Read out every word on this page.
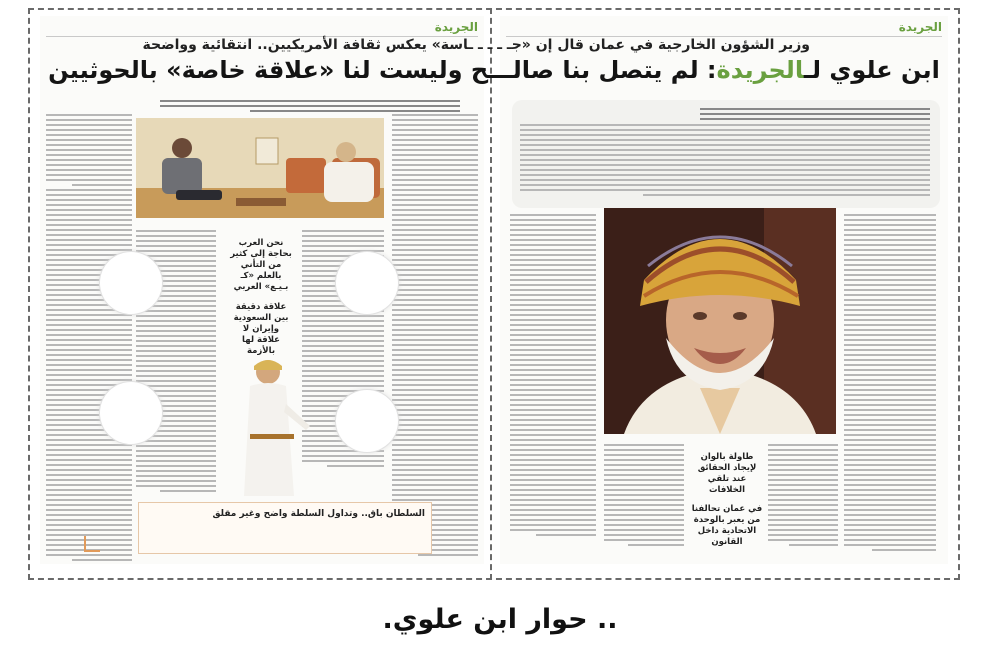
الجريدة
نحن العرب بحاجة إلى كثير من التأني بالعلم «كـ بـيـع» العربي
علاقة دقيقة بين السعودية وإيران لا علاقة لها بالأزمة
السلطان باق.. وتداول السلطة واضح وغير مقلق
الجريدة
طاولة بالوان لإيجاد الحقائق عند تلقي الخلافات
في عمان تحالفنا من يعبر بالوحدة الاتحادية داخل القانون
وزير الشؤون الخارجية في عمان قال إن «جـ ـ ـ ـ ـاسة» يعكس ثقافة الأمريكيين.. انتقائية وواضحة
ابن علوي لـالجريدة: لم يتصل بنا صالـــح وليست لنا «علاقة خاصة» بالحوثيين
.. حوار ابن علوي.
